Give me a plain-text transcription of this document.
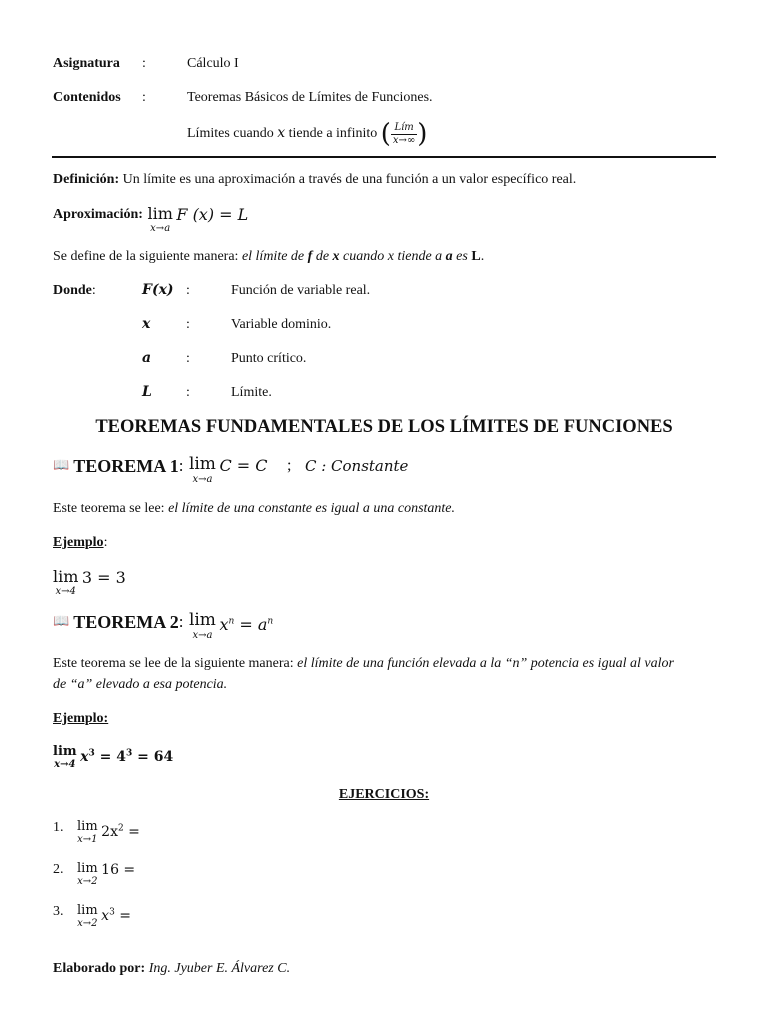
Asignatura :	Cálculo I
Contenidos :	Teoremas Básicos de Límites de Funciones.
Límites cuando x tiende a infinito ( $\frac{\text{Lím}}{x\to\infty}$ )
Definición: Un límite es una aproximación a través de una función a un valor específico real.
Aproximación: lim
x→a
F (x) = L
Se define de la siguiente manera: el límite de f de x cuando x tiende a a es L.
Donde:	F(x) :	Función de variable real.
x	:	Variable dominio.
a :	Punto crítico.
L :	Límite.
TEOREMAS FUNDAMENTALES DE LOS LÍMITES DE FUNCIONES
📖 TEOREMA 1: lim
x→a
C = C ; C : Constante
Este teorema se lee: el límite de una constante es igual a una constante.
Ejemplo:
lim
x→4
3 = 3
📖 TEOREMA 2: lim
x→a
$x^n = a^n$
Este teorema se lee de la siguiente manera: el límite de una función elevada a la “n” potencia es igual al valor
de “a” elevado a esa potencia.
Ejemplo:
lim
x→4 $x^3 = 4^3 = 64$
EJERCICIOS:
1. lim
x→1 $2x^2$ =
2. lim
x→2
16 =
3. lim
x→2 $x^3$ =
Elaborado por: Ing. Jyuber E. Álvarez C.
